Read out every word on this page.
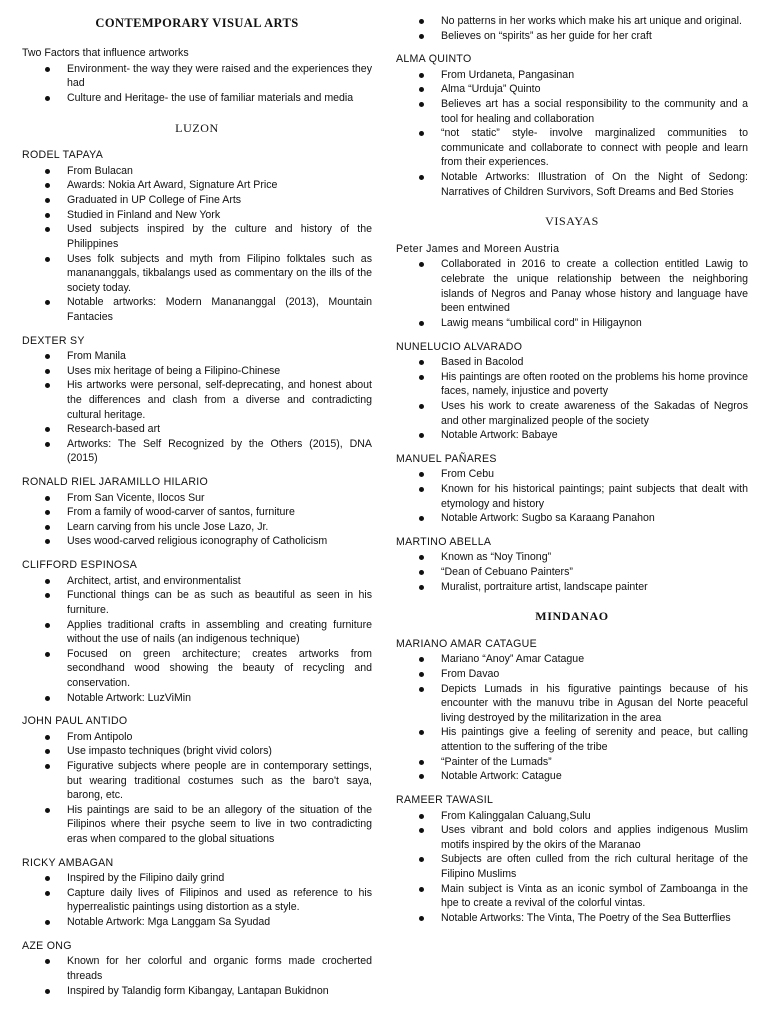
CONTEMPORARY VISUAL ARTS
Two Factors that influence artworks
Environment- the way they were raised and the experiences they had
Culture and Heritage- the use of familiar materials and media
LUZON
RODEL TAPAYA
From Bulacan
Awards: Nokia Art Award, Signature Art Price
Graduated in UP College of Fine Arts
Studied in Finland and New York
Used subjects inspired by the culture and history of the Philippines
Uses folk subjects and myth from Filipino folktales such as manananggals, tikbalangs used as commentary on the ills of the society today.
Notable artworks: Modern Manananggal (2013), Mountain Fantacies
DEXTER SY
From Manila
Uses mix heritage of being a Filipino-Chinese
His artworks were personal, self-deprecating, and honest about the differences and clash from a diverse and contradicting cultural heritage.
Research-based art
Artworks: The Self Recognized by the Others (2015), DNA (2015)
RONALD RIEL JARAMILLO HILARIO
From San Vicente, Ilocos Sur
From a family of wood-carver of santos, furniture
Learn carving from his uncle Jose Lazo, Jr.
Uses wood-carved religious iconography of Catholicism
CLIFFORD ESPINOSA
Architect, artist, and environmentalist
Functional things can be as such as beautiful as seen in his furniture.
Applies traditional crafts in assembling and creating furniture without the use of nails (an indigenous technique)
Focused on green architecture; creates artworks from secondhand wood showing the beauty of recycling and conservation.
Notable Artwork: LuzViMin
JOHN PAUL ANTIDO
From Antipolo
Use impasto techniques (bright vivid colors)
Figurative subjects where people are in contemporary settings, but wearing traditional costumes such as the baro't saya, barong, etc.
His paintings are said to be an allegory of the situation of the Filipinos where their psyche seem to live in two contradicting eras when compared to the global situations
RICKY AMBAGAN
Inspired by the Filipino daily grind
Capture daily lives of Filipinos and used as reference to his hyperrealistic paintings using distortion as a style.
Notable Artwork: Mga Langgam Sa Syudad
AZE ONG
Known for her colorful and organic forms made crocherted threads
Inspired by Talandig form Kibangay, Lantapan Bukidnon
No patterns in her works which make his art unique and original.
Believes on “spirits” as her guide for her craft
ALMA QUINTO
From Urdaneta, Pangasinan
Alma “Urduja” Quinto
Believes art has a social responsibility to the community and a tool for healing and collaboration
“not static” style- involve marginalized communities to communicate and collaborate to connect with people and learn from their experiences.
Notable Artworks: Illustration of On the Night of Sedong: Narratives of Children Survivors, Soft Dreams and Bed Stories
VISAYAS
Peter James and Moreen Austria
Collaborated in 2016 to create a collection entitled Lawig to celebrate the unique relationship between the neighboring islands of Negros and Panay whose history and language have been entwined
Lawig means “umbilical cord” in Hiligaynon
NUNELUCIO ALVARADO
Based in Bacolod
His paintings are often rooted on the problems his home province faces, namely, injustice and poverty
Uses his work to create awareness of the Sakadas of Negros and other marginalized people of the society
Notable Artwork: Babaye
MANUEL PAÑARES
From Cebu
Known for his historical paintings; paint subjects that dealt with etymology and history
Notable Artwork: Sugbo sa Karaang Panahon
MARTINO ABELLA
Known as “Noy Tinong”
“Dean of Cebuano Painters”
Muralist, portraiture artist, landscape painter
MINDANAO
MARIANO AMAR CATAGUE
Mariano “Anoy” Amar Catague
From Davao
Depicts Lumads in his figurative paintings because of his encounter with the manuvu tribe in Agusan del Norte peaceful living destroyed by the militarization in the area
His paintings give a feeling of serenity and peace, but calling attention to the suffering of the tribe
“Painter of the Lumads”
Notable Artwork: Catague
RAMEER TAWASIL
From Kalinggalan Caluang,Sulu
Uses vibrant and bold colors and applies indigenous Muslim motifs inspired by the okirs of the Maranao
Subjects are often culled from the rich cultural heritage of the Filipino Muslims
Main subject is Vinta as an iconic symbol of Zamboanga in the hpe to create a revival of the colorful vintas.
Notable Artworks: The Vinta, The Poetry of the Sea Butterflies
